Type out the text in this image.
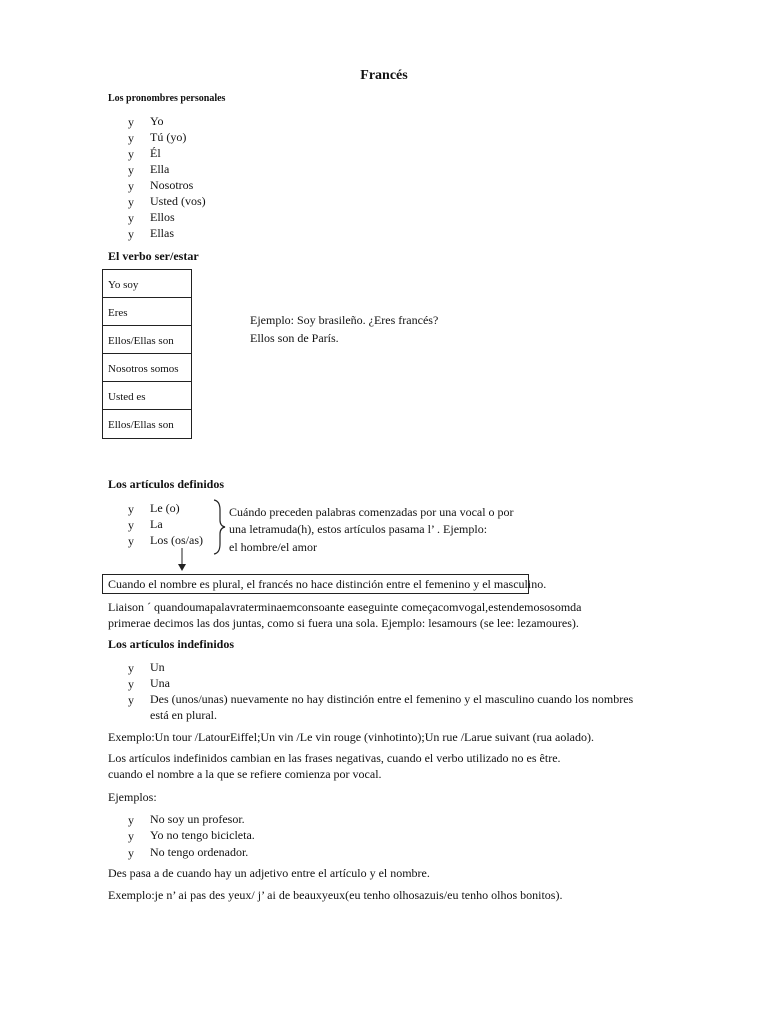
Francés
Los pronombres personales
y Yo
y Tú (yo)
y Él
y Ella
y Nosotros
y Usted (vos)
y Ellos
y Ellas
El verbo ser/estar
Yo soy
Eres
Ellos/Ellas son
Nosotros somos
Usted es
Ellos/Ellas son
Ejemplo: Soy brasileño. ¿Eres francés?
Ellos son de París.
Los artículos definidos
y Le (o)
y La
y Los (os/as)
Cuándo preceden palabras comenzadas por una vocal o por
una letramuda(h), estos artículos pasama l’ . Ejemplo:
el hombre/el amor
Cuando el nombre es plural, el francés no hace distinción entre el femenino y el masculino.
Liaison ´ quandoumapalavraterminaemconsoante easeguinte começacomvogal,estendemososomda
primerae decimos las dos juntas, como si fuera una sola. Ejemplo: lesamours (se lee: lezamoures).
Los artículos indefinidos
y Un
y Una
y Des (unos/unas) nuevamente no hay distinción entre el femenino y el masculino cuando los nombres
está en plural.
Exemplo:Un tour /LatourEiffel;Un vin /Le vin rouge (vinhotinto);Un rue /Larue suivant (rua aolado).
Los artículos indefinidos cambian en las frases negativas, cuando el verbo utilizado no es être.
cuando el nombre a la que se refiere comienza por vocal.
Ejemplos:
y No soy un profesor.
y Yo no tengo bicicleta.
y No tengo ordenador.
Des pasa a de cuando hay un adjetivo entre el artículo y el nombre.
Exemplo:je n’ ai pas des yeux/ j’ ai de beauxyeux(eu tenho olhosazuis/eu tenho olhos bonitos).
